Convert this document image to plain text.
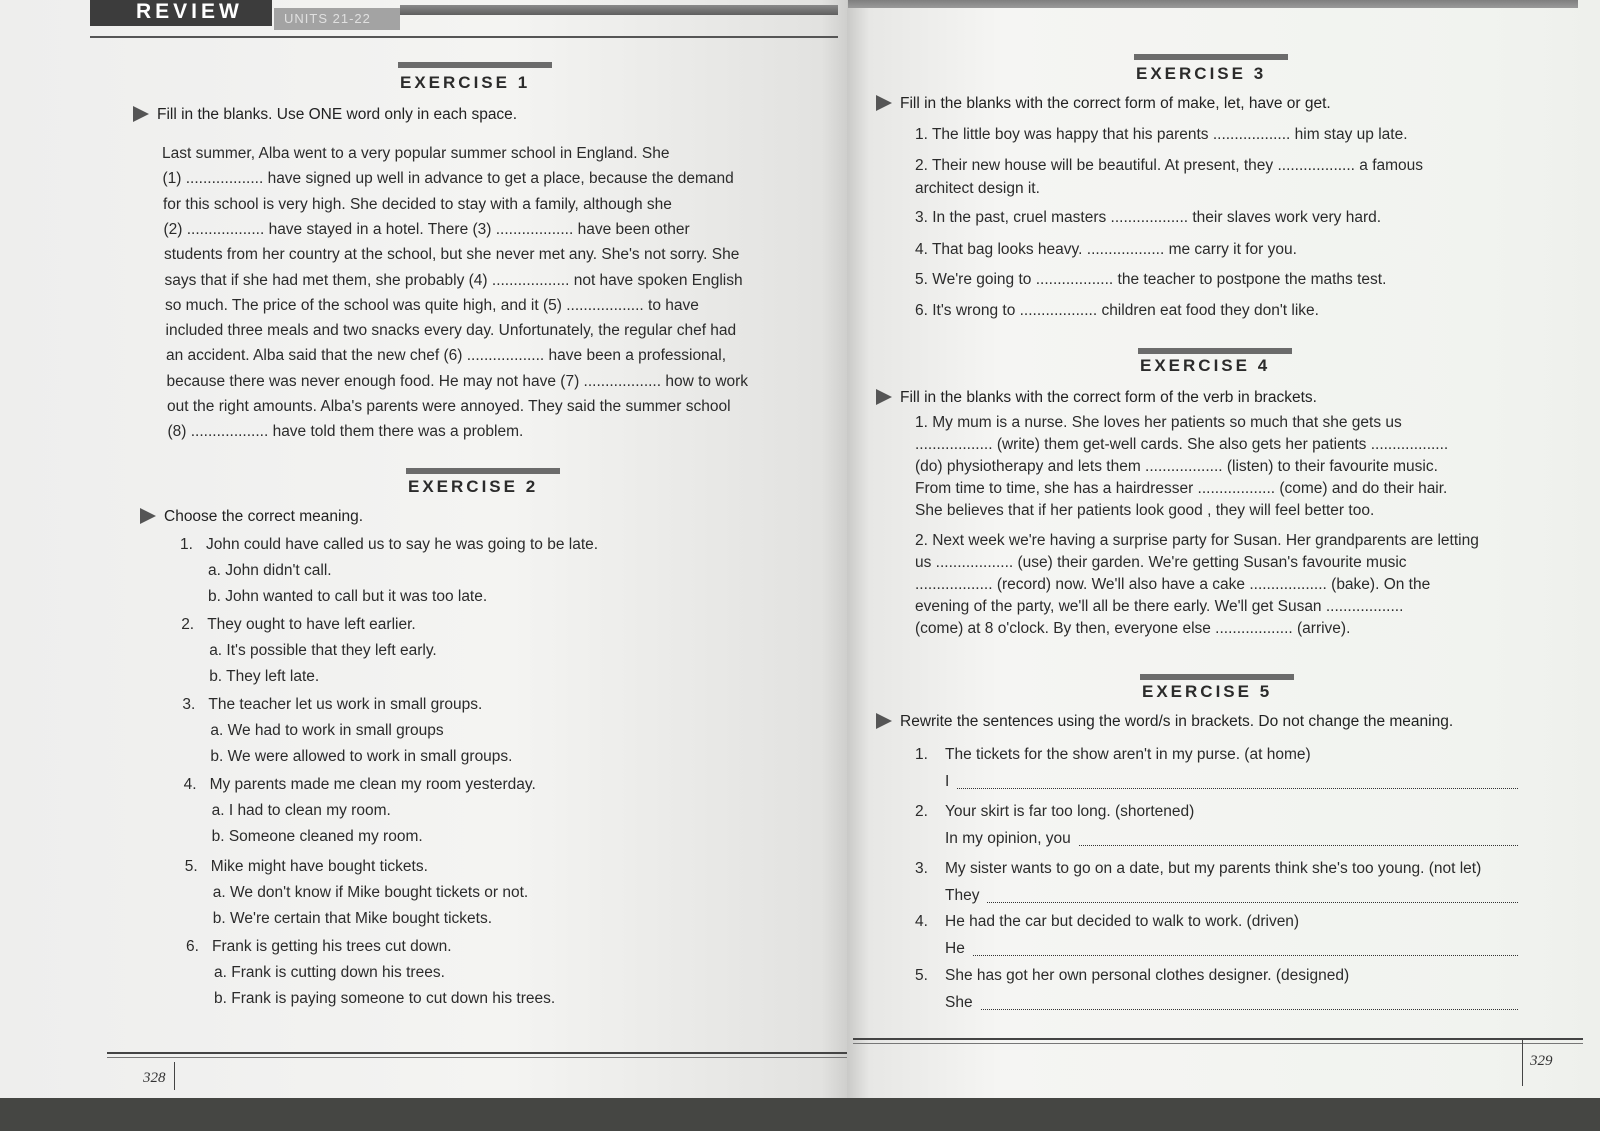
REVIEW	UNITS 21-22
EXERCISE 1
Fill in the blanks. Use ONE word only in each space.
Last summer, Alba went to a very popular summer school in England. She
(1) .................. have signed up well in advance to get a place, because the demand
for this school is very high. She decided to stay with a family, although she
(2) .................. have stayed in a hotel. There (3) .................. have been other
students from her country at the school, but she never met any. She's not sorry. She
says that if she had met them, she probably (4) .................. not have spoken English
so much. The price of the school was quite high, and it (5) .................. to have
included three meals and two snacks every day. Unfortunately, the regular chef had
an accident. Alba said that the new chef (6) .................. have been a professional,
because there was never enough food. He may not have (7) .................. how to work
out the right amounts. Alba's parents were annoyed. They said the summer school
(8) .................. have told them there was a problem.
EXERCISE 2
Choose the correct meaning.
1. John could have called us to say he was going to be late.
a. John didn't call.
b. John wanted to call but it was too late.
2. They ought to have left earlier.
a. It's possible that they left early.
b. They left late.
3. The teacher let us work in small groups.
a. We had to work in small groups
b. We were allowed to work in small groups.
4. My parents made me clean my room yesterday.
a. I had to clean my room.
b. Someone cleaned my room.
5. Mike might have bought tickets.
a. We don't know if Mike bought tickets or not.
b. We're certain that Mike bought tickets.
6. Frank is getting his trees cut down.
a. Frank is cutting down his trees.
b. Frank is paying someone to cut down his trees.
328
EXERCISE 3
Fill in the blanks with the correct form of make, let, have or get.
1. The little boy was happy that his parents .................. him stay up late.
2. Their new house will be beautiful. At present, they .................. a famous
architect design it.
3. In the past, cruel masters .................. their slaves work very hard.
4. That bag looks heavy. .................. me carry it for you.
5. We're going to .................. the teacher to postpone the maths test.
6. It's wrong to .................. children eat food they don't like.
EXERCISE 4
Fill in the blanks with the correct form of the verb in brackets.
1. My mum is a nurse. She loves her patients so much that she gets us
.................. (write) them get-well cards. She also gets her patients ..................
(do) physiotherapy and lets them .................. (listen) to their favourite music.
From time to time, she has a hairdresser .................. (come) and do their hair.
She believes that if her patients look good , they will feel better too.
2. Next week we're having a surprise party for Susan. Her grandparents are letting
us .................. (use) their garden. We're getting Susan's favourite music
.................. (record) now. We'll also have a cake .................. (bake). On the
evening of the party, we'll all be there early. We'll get Susan ..................
(come) at 8 o'clock. By then, everyone else .................. (arrive).
EXERCISE 5
Rewrite the sentences using the word/s in brackets. Do not change the meaning.
1. The tickets for the show aren't in my purse. (at home)
I
2. Your skirt is far too long. (shortened)
In my opinion, you
3. My sister wants to go on a date, but my parents think she's too young. (not let)
They
4. He had the car but decided to walk to work. (driven)
He
5. She has got her own personal clothes designer. (designed)
She
329
